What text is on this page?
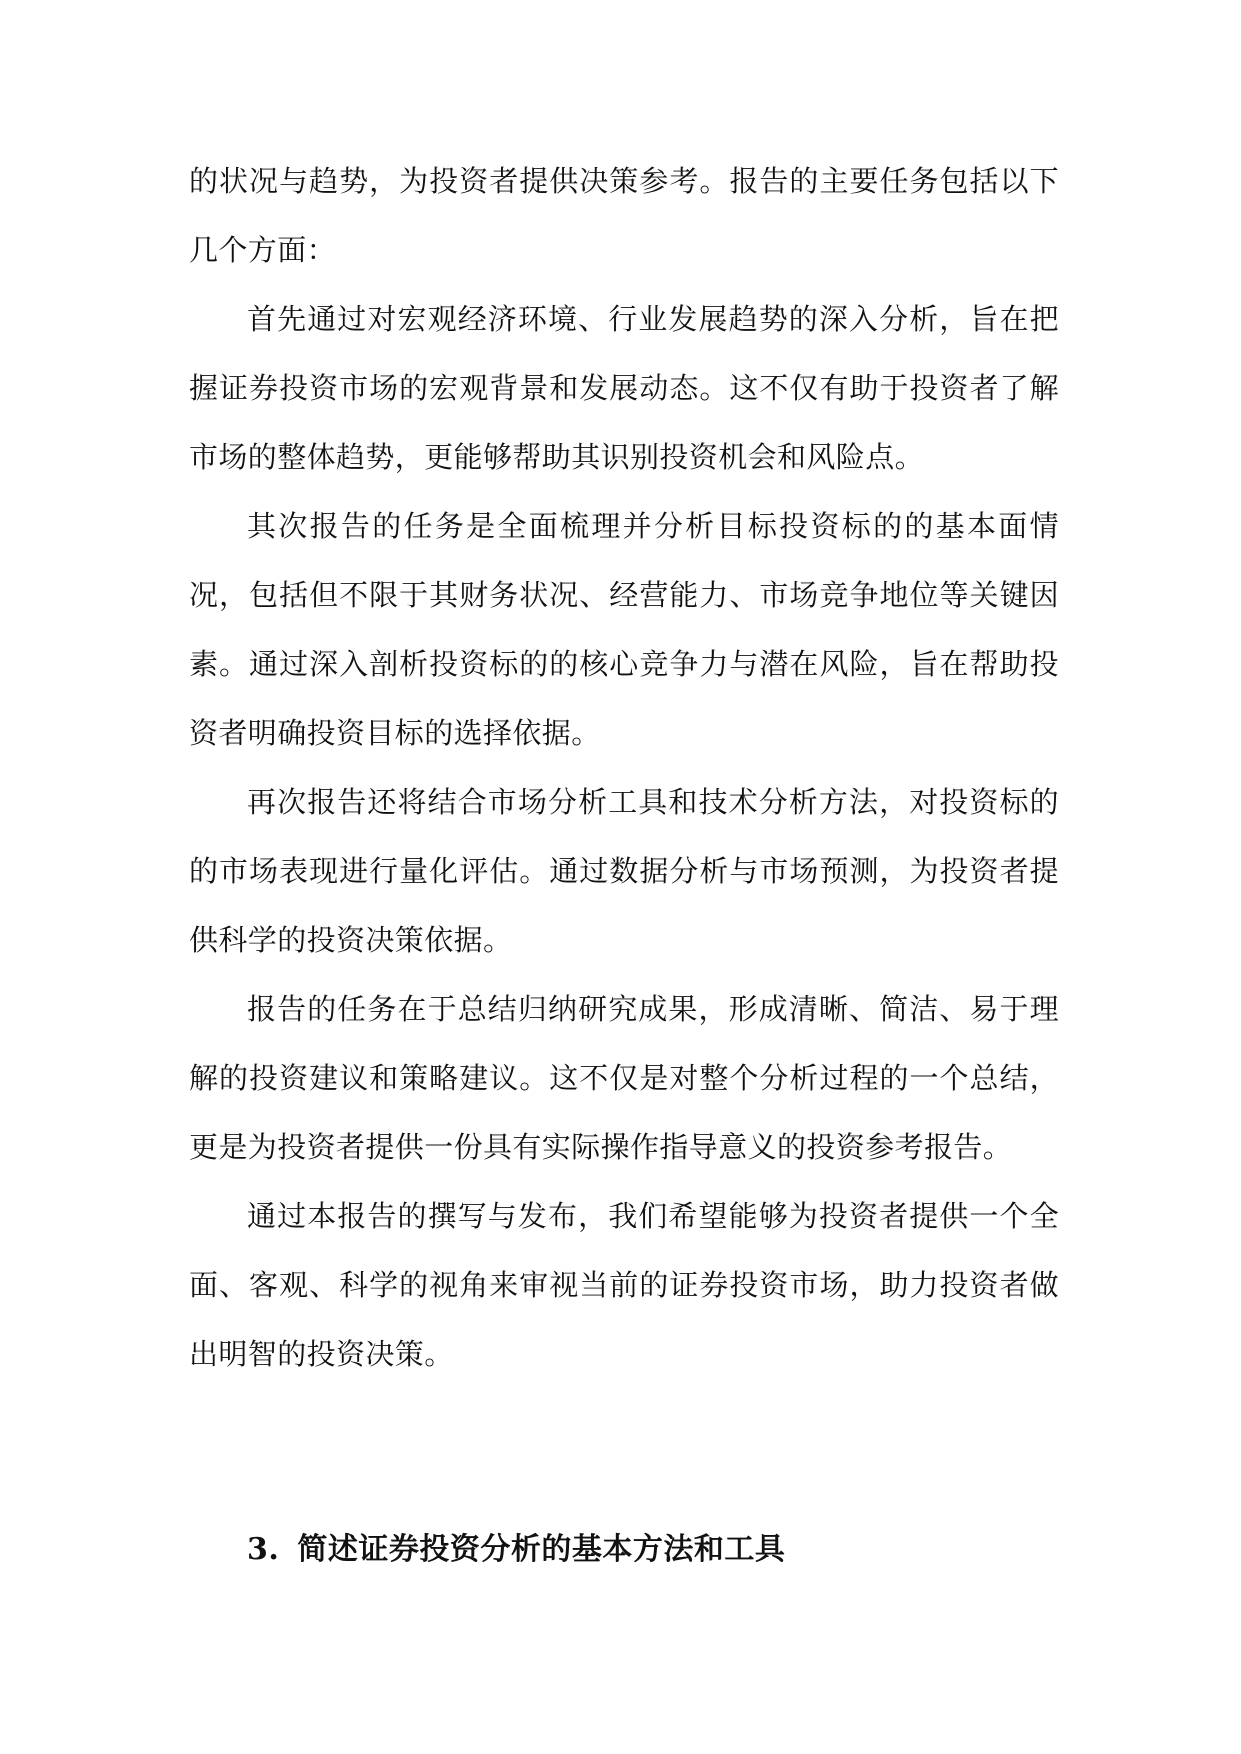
的状况与趋势，为投资者提供决策参考。报告的主要任务包括以下几个方面：

首先通过对宏观经济环境、行业发展趋势的深入分析，旨在把握证券投资市场的宏观背景和发展动态。这不仅有助于投资者了解市场的整体趋势，更能够帮助其识别投资机会和风险点。

其次报告的任务是全面梳理并分析目标投资标的的基本面情况，包括但不限于其财务状况、经营能力、市场竞争地位等关键因素。通过深入剖析投资标的的核心竞争力与潜在风险，旨在帮助投资者明确投资目标的选择依据。

再次报告还将结合市场分析工具和技术分析方法，对投资标的的市场表现进行量化评估。通过数据分析与市场预测，为投资者提供科学的投资决策依据。

报告的任务在于总结归纳研究成果，形成清晰、简洁、易于理解的投资建议和策略建议。这不仅是对整个分析过程的一个总结，更是为投资者提供一份具有实际操作指导意义的投资参考报告。

通过本报告的撰写与发布，我们希望能够为投资者提供一个全面、客观、科学的视角来审视当前的证券投资市场，助力投资者做出明智的投资决策。

3. 简述证券投资分析的基本方法和工具
